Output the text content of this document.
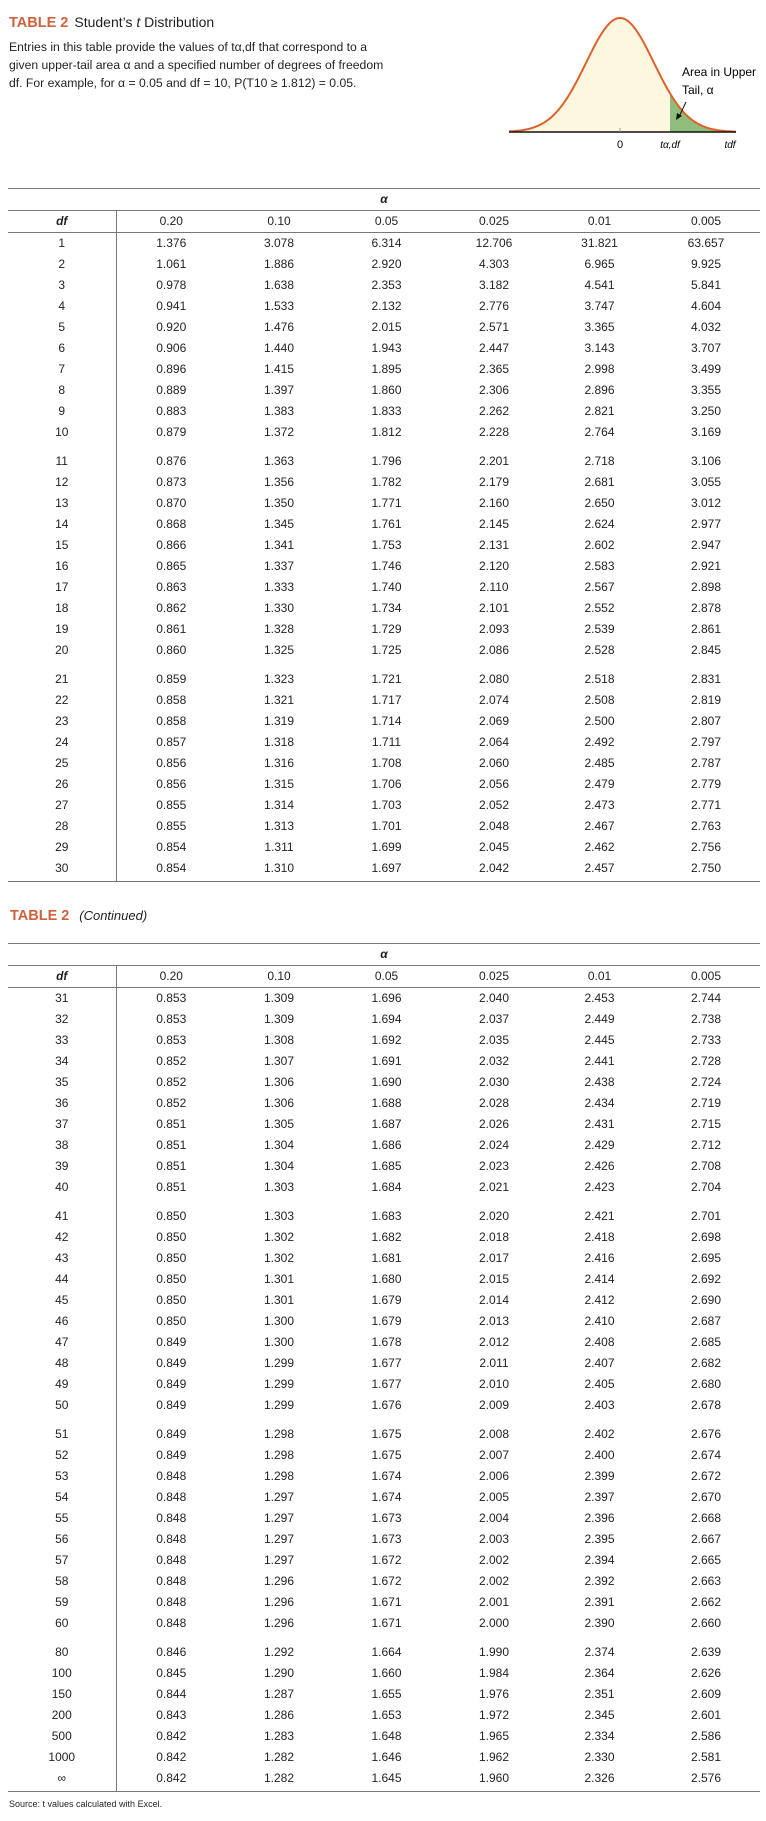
TABLE 2 Student’s t Distribution
Entries in this table provide the values of tα,df that correspond to a given upper-tail area α and a specified number of degrees of freedom df. For example, for α = 0.05 and df = 10, P(T10 ≥ 1.812) = 0.05.
0	tα,df	tdf
Area in Upper
Tail, α
α						
df	0.20	0.10	0.05	0.025	0.01	0.005
1	1.376	3.078	6.314	12.706	31.821	63.657
2	1.061	1.886	2.920	4.303	6.965	9.925
3	0.978	1.638	2.353	3.182	4.541	5.841
4	0.941	1.533	2.132	2.776	3.747	4.604
5	0.920	1.476	2.015	2.571	3.365	4.032
6	0.906	1.440	1.943	2.447	3.143	3.707
7	0.896	1.415	1.895	2.365	2.998	3.499
8	0.889	1.397	1.860	2.306	2.896	3.355
9	0.883	1.383	1.833	2.262	2.821	3.250
10	0.879	1.372	1.812	2.228	2.764	3.169
11	0.876	1.363	1.796	2.201	2.718	3.106
12	0.873	1.356	1.782	2.179	2.681	3.055
13	0.870	1.350	1.771	2.160	2.650	3.012
14	0.868	1.345	1.761	2.145	2.624	2.977
15	0.866	1.341	1.753	2.131	2.602	2.947
16	0.865	1.337	1.746	2.120	2.583	2.921
17	0.863	1.333	1.740	2.110	2.567	2.898
18	0.862	1.330	1.734	2.101	2.552	2.878
19	0.861	1.328	1.729	2.093	2.539	2.861
20	0.860	1.325	1.725	2.086	2.528	2.845
21	0.859	1.323	1.721	2.080	2.518	2.831
22	0.858	1.321	1.717	2.074	2.508	2.819
23	0.858	1.319	1.714	2.069	2.500	2.807
24	0.857	1.318	1.711	2.064	2.492	2.797
25	0.856	1.316	1.708	2.060	2.485	2.787
26	0.856	1.315	1.706	2.056	2.479	2.779
27	0.855	1.314	1.703	2.052	2.473	2.771
28	0.855	1.313	1.701	2.048	2.467	2.763
29	0.854	1.311	1.699	2.045	2.462	2.756
30	0.854	1.310	1.697	2.042	2.457	2.750
TABLE 2 (Continued)
α						
df	0.20	0.10	0.05	0.025	0.01	0.005
31	0.853	1.309	1.696	2.040	2.453	2.744
32	0.853	1.309	1.694	2.037	2.449	2.738
33	0.853	1.308	1.692	2.035	2.445	2.733
34	0.852	1.307	1.691	2.032	2.441	2.728
35	0.852	1.306	1.690	2.030	2.438	2.724
36	0.852	1.306	1.688	2.028	2.434	2.719
37	0.851	1.305	1.687	2.026	2.431	2.715
38	0.851	1.304	1.686	2.024	2.429	2.712
39	0.851	1.304	1.685	2.023	2.426	2.708
40	0.851	1.303	1.684	2.021	2.423	2.704
41	0.850	1.303	1.683	2.020	2.421	2.701
42	0.850	1.302	1.682	2.018	2.418	2.698
43	0.850	1.302	1.681	2.017	2.416	2.695
44	0.850	1.301	1.680	2.015	2.414	2.692
45	0.850	1.301	1.679	2.014	2.412	2.690
46	0.850	1.300	1.679	2.013	2.410	2.687
47	0.849	1.300	1.678	2.012	2.408	2.685
48	0.849	1.299	1.677	2.011	2.407	2.682
49	0.849	1.299	1.677	2.010	2.405	2.680
50	0.849	1.299	1.676	2.009	2.403	2.678
51	0.849	1.298	1.675	2.008	2.402	2.676
52	0.849	1.298	1.675	2.007	2.400	2.674
53	0.848	1.298	1.674	2.006	2.399	2.672
54	0.848	1.297	1.674	2.005	2.397	2.670
55	0.848	1.297	1.673	2.004	2.396	2.668
56	0.848	1.297	1.673	2.003	2.395	2.667
57	0.848	1.297	1.672	2.002	2.394	2.665
58	0.848	1.296	1.672	2.002	2.392	2.663
59	0.848	1.296	1.671	2.001	2.391	2.662
60	0.848	1.296	1.671	2.000	2.390	2.660
80	0.846	1.292	1.664	1.990	2.374	2.639
100	0.845	1.290	1.660	1.984	2.364	2.626
150	0.844	1.287	1.655	1.976	2.351	2.609
200	0.843	1.286	1.653	1.972	2.345	2.601
500	0.842	1.283	1.648	1.965	2.334	2.586
1000	0.842	1.282	1.646	1.962	2.330	2.581
∞	0.842	1.282	1.645	1.960	2.326	2.576
Source: t values calculated with Excel.
